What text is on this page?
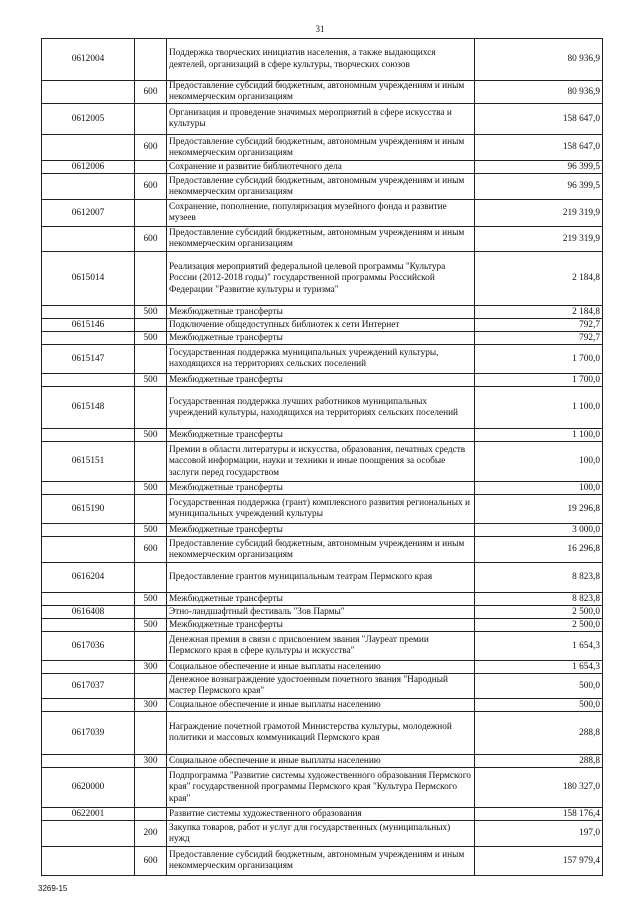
31
0612004		Поддержка творческих инициатив населения, а также выдающихся деятелей, организаций в сфере культуры, творческих союзов	80 936,9
	600	Предоставление субсидий бюджетным, автономным учреждениям и иным некоммерческим организациям	80 936,9
0612005		Организация и проведение значимых мероприятий в сфере искусства и культуры	158 647,0
	600	Предоставление субсидий бюджетным, автономным учреждениям и иным некоммерческим организациям	158 647,0
0612006		Сохранение и развитие библиотечного дела	96 399,5
	600	Предоставление субсидий бюджетным, автономным учреждениям и иным некоммерческим организациям	96 399,5
0612007		Сохранение, пополнение, популяризация музейного фонда и развитие музеев	219 319,9
	600	Предоставление субсидий бюджетным, автономным учреждениям и иным некоммерческим организациям	219 319,9
0615014		Реализация мероприятий федеральной целевой программы "Культура России (2012-2018 годы)" государственной программы Российской Федерации "Развитие культуры и туризма"	2 184,8
	500	Межбюджетные трансферты	2 184,8
0615146		Подключение общедоступных библиотек к сети Интернет	792,7
	500	Межбюджетные трансферты	792,7
0615147		Государственная поддержка муниципальных учреждений культуры, находящихся на территориях сельских поселений	1 700,0
	500	Межбюджетные трансферты	1 700,0
0615148		Государственная поддержка лучших работников муниципальных учреждений культуры, находящихся на территориях сельских поселений	1 100,0
	500	Межбюджетные трансферты	1 100,0
0615151		Премии в области литературы и искусства, образования, печатных средств массовой информации, науки и техники и иные поощрения за особые заслуги перед государством	100,0
	500	Межбюджетные трансферты	100,0
0615190		Государственная поддержка (грант) комплексного развития региональных и муниципальных учреждений культуры	19 296,8
	500	Межбюджетные трансферты	3 000,0
	600	Предоставление субсидий бюджетным, автономным учреждениям и иным некоммерческим организациям	16 296,8
0616204		Предоставление грантов муниципальным театрам Пермского края	8 823,8
	500	Межбюджетные трансферты	8 823,8
0616408		Этно-ландшафтный фестиваль "Зов Пармы"	2 500,0
	500	Межбюджетные трансферты	2 500,0
0617036		Денежная премия в связи с присвоением звания "Лауреат премии Пермского края в сфере культуры и искусства"	1 654,3
	300	Социальное обеспечение и иные выплаты населению	1 654,3
0617037		Денежное вознаграждение удостоенным почетного звания "Народный мастер Пермского края"	500,0
	300	Социальное обеспечение и иные выплаты населению	500,0
0617039		Награждение почетной грамотой Министерства культуры, молодежной политики и массовых коммуникаций Пермского края	288,8
	300	Социальное обеспечение и иные выплаты населению	288,8
0620000		Подпрограмма "Развитие системы художественного образования Пермского края" государственной программы Пермского края "Культура Пермского края"	180 327,0
0622001		Развитие системы художественного образования	158 176,4
	200	Закупка товаров, работ и услуг для государственных (муниципальных) нужд	197,0
	600	Предоставление субсидий бюджетным, автономным учреждениям и иным некоммерческим организациям	157 979,4
3269-15
